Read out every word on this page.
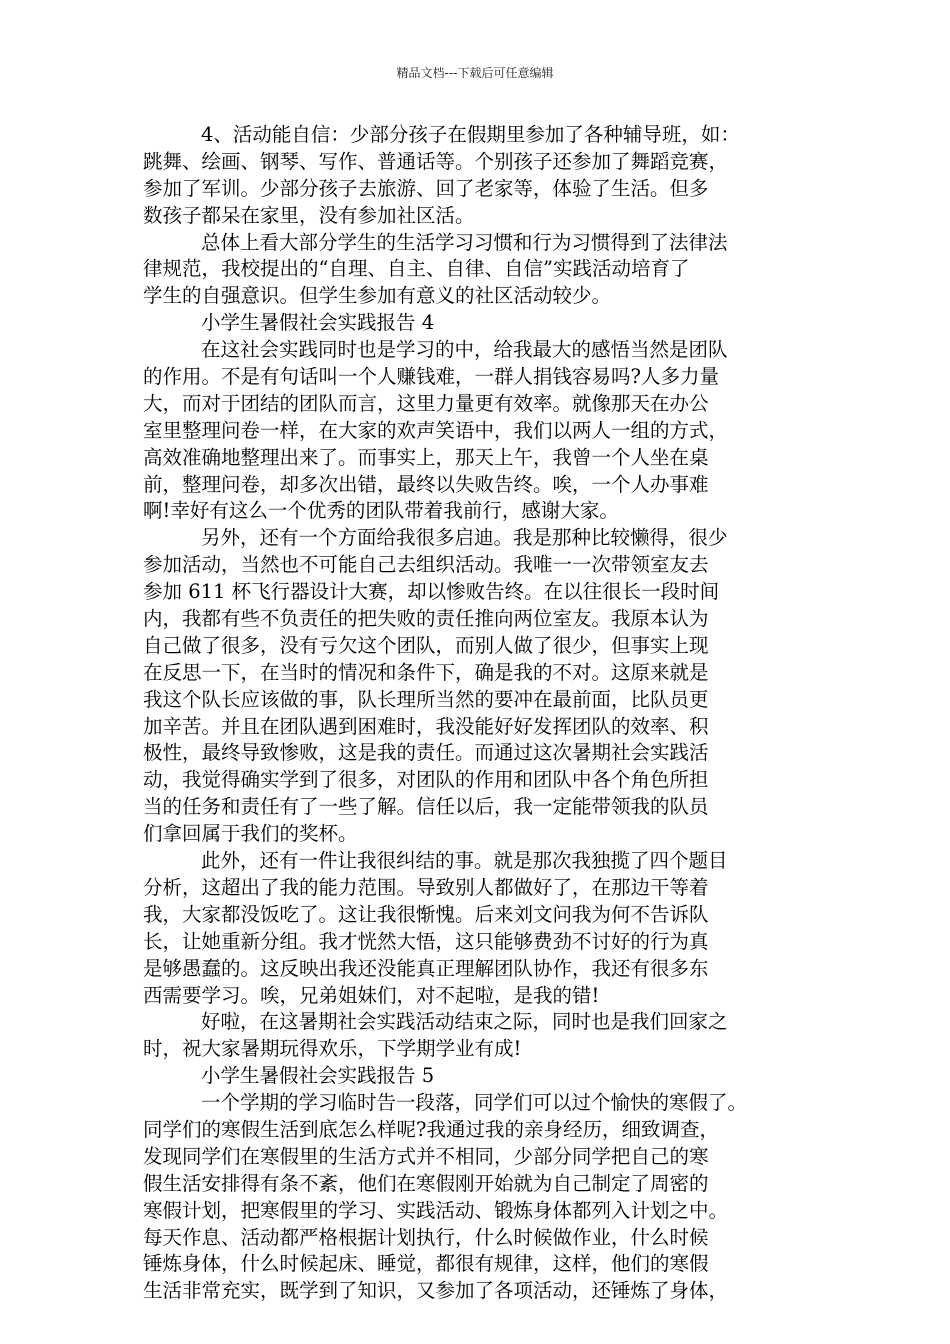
精品文档---下载后可任意编辑
4、活动能自信：少部分孩子在假期里参加了各种辅导班，如：
跳舞、绘画、钢琴、写作、普通话等。个别孩子还参加了舞蹈竞赛，
参加了军训。少部分孩子去旅游、回了老家等，体验了生活。但多
数孩子都呆在家里，没有参加社区活。
总体上看大部分学生的生活学习习惯和行为习惯得到了法律法
律规范，我校提出的“自理、自主、自律、自信”实践活动培育了
学生的自强意识。但学生参加有意义的社区活动较少。
小学生暑假社会实践报告 4
在这社会实践同时也是学习的中，给我最大的感悟当然是团队
的作用。不是有句话叫一个人赚钱难，一群人捐钱容易吗?人多力量
大，而对于团结的团队而言，这里力量更有效率。就像那天在办公
室里整理问卷一样，在大家的欢声笑语中，我们以两人一组的方式，
高效准确地整理出来了。而事实上，那天上午，我曾一个人坐在桌
前，整理问卷，却多次出错，最终以失败告终。唉，一个人办事难
啊!幸好有这么一个优秀的团队带着我前行，感谢大家。
另外，还有一个方面给我很多启迪。我是那种比较懒得，很少
参加活动，当然也不可能自己去组织活动。我唯一一次带领室友去
参加 611 杯飞行器设计大赛，却以惨败告终。在以往很长一段时间
内，我都有些不负责任的把失败的责任推向两位室友。我原本认为
自己做了很多，没有亏欠这个团队，而别人做了很少，但事实上现
在反思一下，在当时的情况和条件下，确是我的不对。这原来就是
我这个队长应该做的事，队长理所当然的要冲在最前面，比队员更
加辛苦。并且在团队遇到困难时，我没能好好发挥团队的效率、积
极性，最终导致惨败，这是我的责任。而通过这次暑期社会实践活
动，我觉得确实学到了很多，对团队的作用和团队中各个角色所担
当的任务和责任有了一些了解。信任以后，我一定能带领我的队员
们拿回属于我们的奖杯。
此外，还有一件让我很纠结的事。就是那次我独揽了四个题目
分析，这超出了我的能力范围。导致别人都做好了，在那边干等着
我，大家都没饭吃了。这让我很惭愧。后来刘文问我为何不告诉队
长，让她重新分组。我才恍然大悟，这只能够费劲不讨好的行为真
是够愚蠢的。这反映出我还没能真正理解团队协作，我还有很多东
西需要学习。唉，兄弟姐妹们，对不起啦，是我的错!
好啦，在这暑期社会实践活动结束之际，同时也是我们回家之
时，祝大家暑期玩得欢乐，下学期学业有成!
小学生暑假社会实践报告 5
一个学期的学习临时告一段落，同学们可以过个愉快的寒假了。
同学们的寒假生活到底怎么样呢?我通过我的亲身经历，细致调查，
发现同学们在寒假里的生活方式并不相同，少部分同学把自己的寒
假生活安排得有条不紊，他们在寒假刚开始就为自己制定了周密的
寒假计划，把寒假里的学习、实践活动、锻炼身体都列入计划之中。
每天作息、活动都严格根据计划执行，什么时候做作业，什么时候
锤炼身体，什么时候起床、睡觉，都很有规律，这样，他们的寒假
生活非常充实，既学到了知识，又参加了各项活动，还锤炼了身体，
